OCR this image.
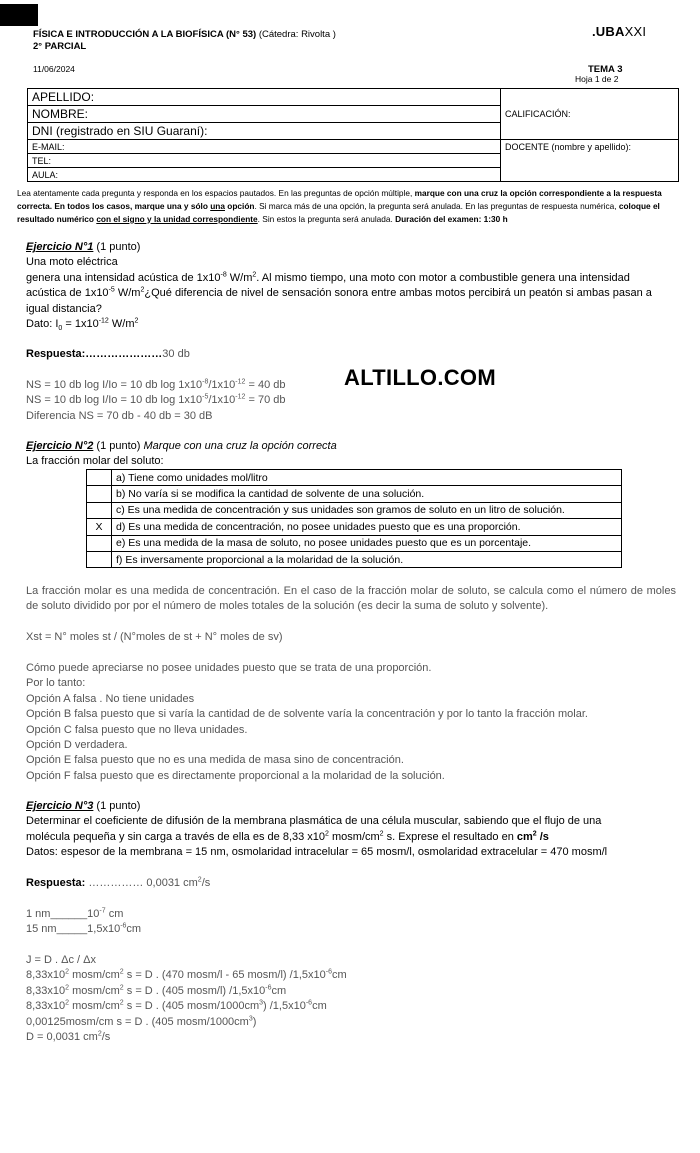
FÍSICA E INTRODUCCIÓN A LA BIOFÍSICA (N° 53) (Cátedra: Rivolta )
2° PARCIAL
11/06/2024
.UBAXXI
TEMA 3
Hoja 1 de 2
APELLIDO:	CALIFICACIÓN:
NOMBRE:	
DNI (registrado en SIU Guaraní):	
E-MAIL:	DOCENTE (nombre y apellido):
TEL:	
AULA:	
Lea atentamente cada pregunta y responda en los espacios pautados. En las preguntas de opción múltiple, marque con una cruz la opción correspondiente a la respuesta correcta. En todos los casos, marque una y sólo una opción. Si marca más de una opción, la pregunta será anulada. En las preguntas de respuesta numérica, coloque el resultado numérico con el signo y la unidad correspondiente. Sin estos la pregunta será anulada. Duración del examen: 1:30 h
Ejercicio N°1 (1 punto)
Una moto eléctrica
genera una intensidad acústica de $1x10^{-8}$ $W/m^2$. Al mismo tiempo, una moto con motor a combustible genera una intensidad
acústica de $1x10^{-5}$ $W/m^2¿Qué$ diferencia de nivel de sensación sonora entre ambas motos percibirá un peatón si ambas pasan a
igual distancia?
Dato: $I_0 = 1x10^{-12}$ $W/m^2$
Respuesta:…………………30 db
NS = 10 db log I/Io = 10 db $\log 1x10^{-8}/1x10^{-12} = 40$ db
NS = 10 db log I/Io = 10 db $\log 1x10^{-5}/1x10^{-12} = 70$ db
Diferencia NS = 70 db - 40 db = 30 dB
ALTILLO.COM
Ejercicio N°2 (1 punto) Marque con una cruz la opción correcta
La fracción molar del soluto:
	a) Tiene como unidades mol/litro
	b) No varía si se modifica la cantidad de solvente de una solución.
	c) Es una medida de concentración y sus unidades son gramos de soluto en un litro de solución.
X	d) Es una medida de concentración, no posee unidades puesto que es una proporción.
	e) Es una medida de la masa de soluto, no posee unidades puesto que es un porcentaje.
	f) Es inversamente proporcional a la molaridad de la solución.
La fracción molar es una medida de concentración. En el caso de la fracción molar de soluto, se calcula como el número de moles de soluto dividido por por el número de moles totales de la solución (es decir la suma de soluto y solvente).
Xst = N° moles st / (N°moles de st + N° moles de sv)
Cómo puede apreciarse no posee unidades puesto que se trata de una proporción.
Por lo tanto:
Opción A falsa . No tiene unidades
Opción B falsa puesto que si varía la cantidad de de solvente varía la concentración y por lo tanto la fracción molar.
Opción C falsa puesto que no lleva unidades.
Opción D verdadera.
Opción E falsa puesto que no es una medida de masa sino de concentración.
Opción F falsa puesto que es directamente proporcional a la molaridad de la solución.
Ejercicio N°3 (1 punto)
Determinar el coeficiente de difusión de la membrana plasmática de una célula muscular, sabiendo que el flujo de una
molécula pequeña y sin carga a través de ella es de 8,33 $x10^2$ mosm/$cm^2$ s. Exprese el resultado en $cm^2$ /s
Datos: espesor de la membrana = 15 nm, osmolaridad intracelular = 65 mosm/l, osmolaridad extracelular = 470 mosm/l
Respuesta: …………… 0,0031 $cm^2/s$
1 $nm\_\_\_\_\_\_10^{-7}$ cm
15 $nm\_\_\_\_\_1,5x10^{-6}cm$
J = D . Δc / Δx
$8,33x10^2$ mosm/$cm^2$ s = D . (470 mosm/l - 65 mosm/l) $/1,5x10^{-6}cm$
$8,33x10^2$ mosm/$cm^2$ s = D . (405 mosm/l) $/1,5x10^{-6}cm$
$8,33x10^2$ mosm/$cm^2$ s = D . (405 mosm/$1000cm^3$) $/1,5x10^{-6}cm$
0,00125mosm/cm s = D . (405 mosm/$1000cm^3$)
D = 0,0031 $cm^2/s$
